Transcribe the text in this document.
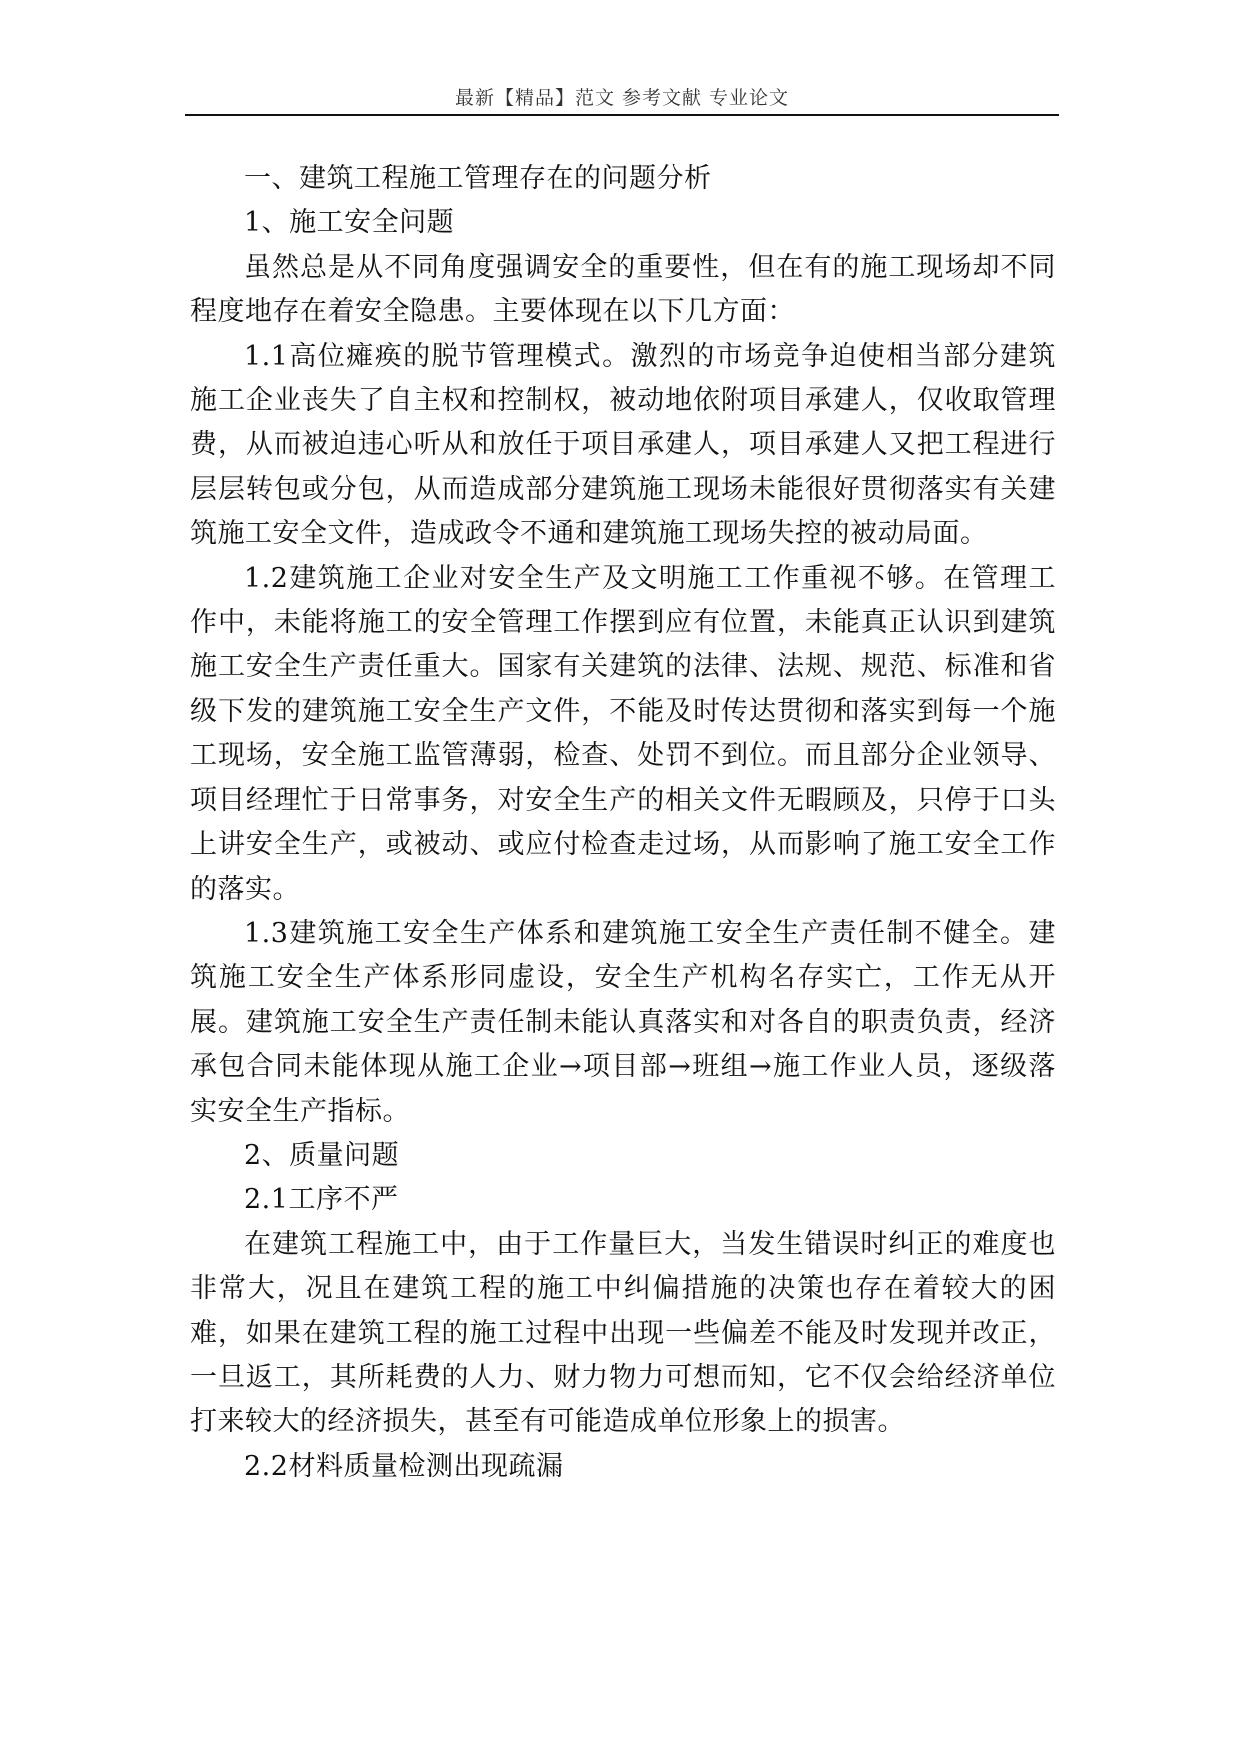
最新【精品】范文 参考文献 专业论文

一、建筑工程施工管理存在的问题分析

1、施工安全问题

虽然总是从不同角度强调安全的重要性，但在有的施工现场却不同程度地存在着安全隐患。主要体现在以下几方面：

1.1高位瘫痪的脱节管理模式。激烈的市场竞争迫使相当部分建筑施工企业丧失了自主权和控制权，被动地依附项目承建人，仅收取管理费，从而被迫违心听从和放任于项目承建人，项目承建人又把工程进行层层转包或分包，从而造成部分建筑施工现场未能很好贯彻落实有关建筑施工安全文件，造成政令不通和建筑施工现场失控的被动局面。

1.2建筑施工企业对安全生产及文明施工工作重视不够。在管理工作中，未能将施工的安全管理工作摆到应有位置，未能真正认识到建筑施工安全生产责任重大。国家有关建筑的法律、法规、规范、标准和省级下发的建筑施工安全生产文件，不能及时传达贯彻和落实到每一个施工现场，安全施工监管薄弱，检查、处罚不到位。而且部分企业领导、项目经理忙于日常事务，对安全生产的相关文件无暇顾及，只停于口头上讲安全生产，或被动、或应付检查走过场，从而影响了施工安全工作的落实。

1.3建筑施工安全生产体系和建筑施工安全生产责任制不健全。建筑施工安全生产体系形同虚设，安全生产机构名存实亡，工作无从开展。建筑施工安全生产责任制未能认真落实和对各自的职责负责，经济承包合同未能体现从施工企业→项目部→班组→施工作业人员，逐级落实安全生产指标。

2、质量问题

2.1工序不严

在建筑工程施工中，由于工作量巨大，当发生错误时纠正的难度也非常大，况且在建筑工程的施工中纠偏措施的决策也存在着较大的困难，如果在建筑工程的施工过程中出现一些偏差不能及时发现并改正，一旦返工，其所耗费的人力、财力物力可想而知，它不仅会给经济单位打来较大的经济损失，甚至有可能造成单位形象上的损害。

2.2材料质量检测出现疏漏
